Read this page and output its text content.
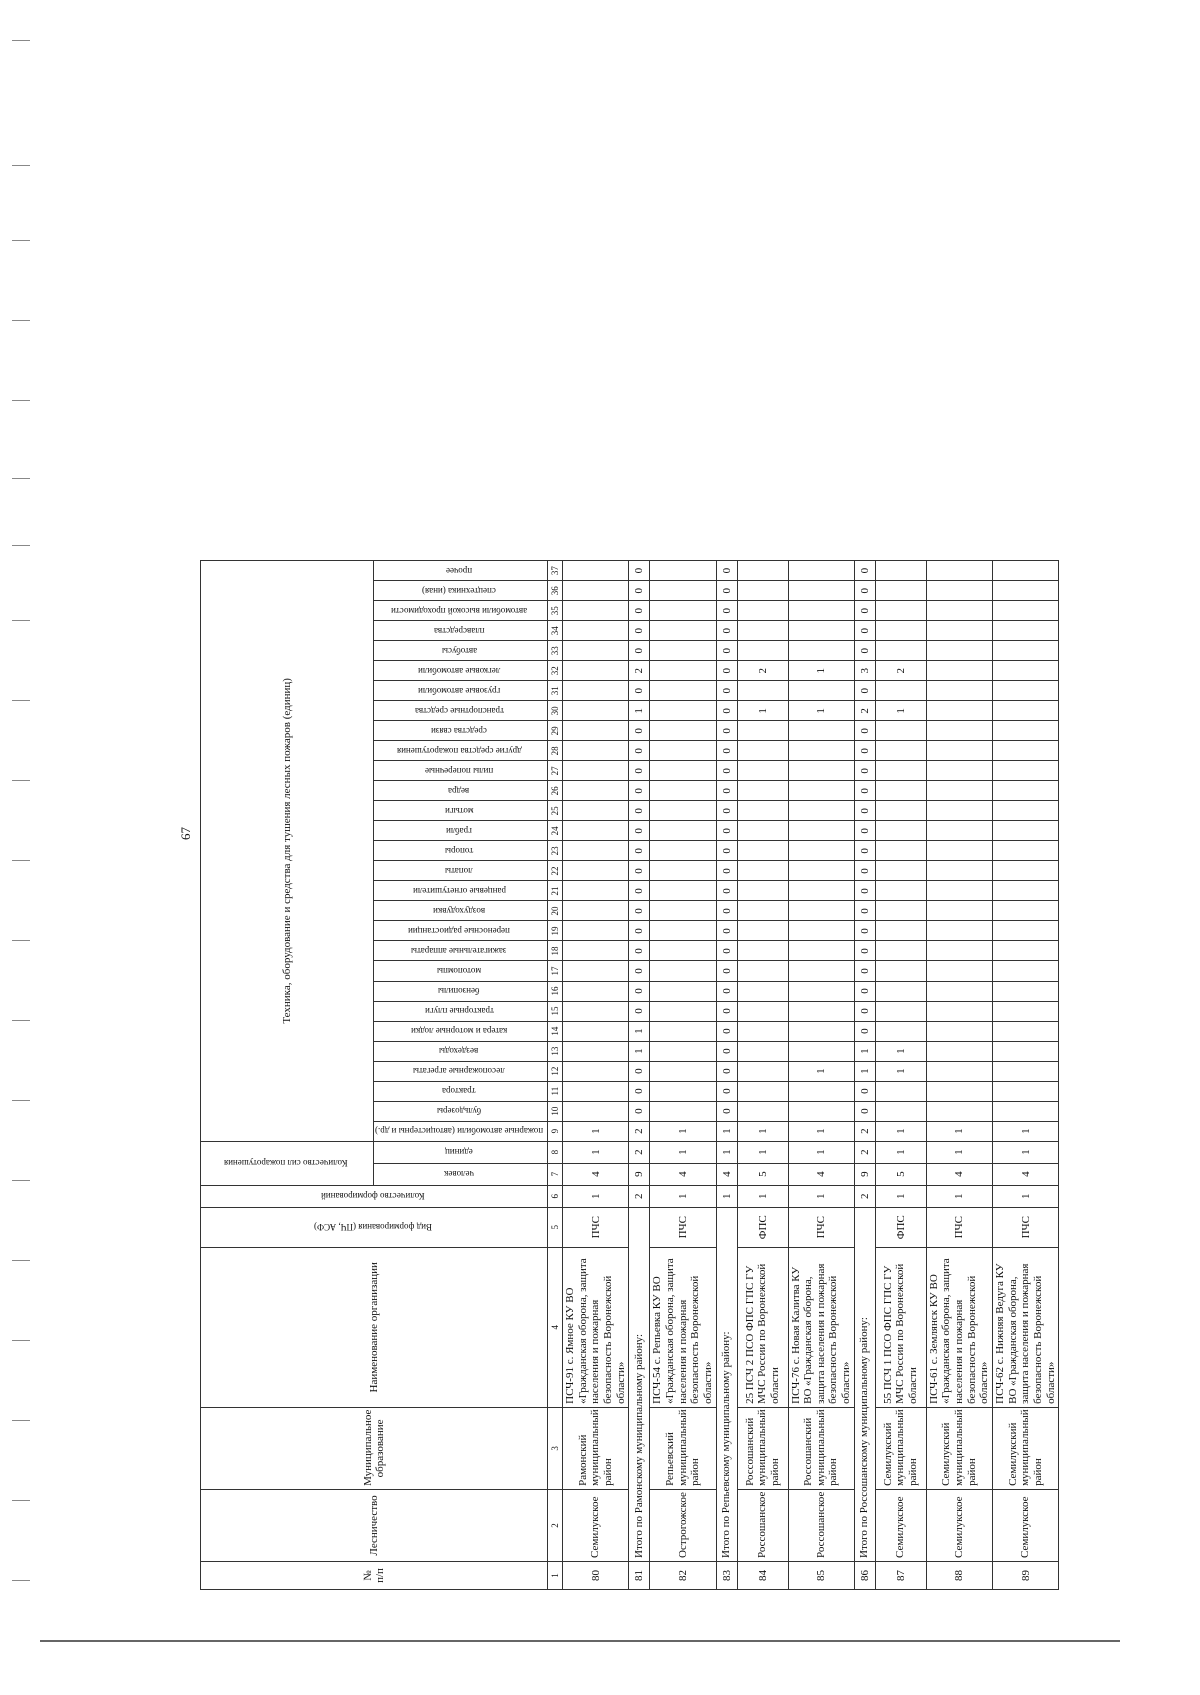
67
№ п/п	Лесничество	Муниципальное образование	Наименование организации	Вид формирования (ПЧ, АСФ)	Количество формирований	Количество сил пожаротушения		Техника, оборудование и средства для тушения лесных пожаров (единиц)																												
						человек	единиц																													
								пожарные автомобили (автоцистерны и др.)	бульдозеры	трактора	лесопожарные агрегаты	вездеходы	катера и моторные лодки	тракторные плуги	бензопилы	мотопомпы	зажигательные аппараты	переносные радиостанции	воздуходувки	ранцевые огнетушители	лопаты	топоры	грабли	мотыги	ведра	пилы поперечные	другие средства пожаротушения	средства связи	транспортные средства	грузовые автомобили	легковые автомобили	автобусы	плавсредства	автомобили высокой проходимости	спецтехника (иная)	прочее
1	2	3	4	5	6	7	8	9	10	11	12	13	14	15	16	17	18	19	20	21	22	23	24	25	26	27	28	29	30	31	32	33	34	35	36	37
80	Семилукское	Рамонский муниципальный район	ПСЧ-91 с. Ямное КУ ВО «Гражданская оборона, защита населения и пожарная безопасность Воронежской области»	ПЧС	1	4	1	1																												
81	Итого по Рамонскому муниципальному району:				2	9	2	2	0	0	0	1	1	0	0	0	0	0	0	0	0	0	0	0	0	0	0	0	1	0	2	0	0	0	0	0
82	Острогожское	Репьевский муниципальный район	ПСЧ-54 с. Репьевка КУ ВО «Гражданская оборона, защита населения и пожарная безопасность Воронежской области»	ПЧС	1	4	1	1																												
83	Итого по Репьевскому муниципальному району:				1	4	1	1	0	0	0	0	0	0	0	0	0	0	0	0	0	0	0	0	0	0	0	0	0	0	0	0	0	0	0	0
84	Россошанское	Россошанский муниципальный район	25 ПСЧ 2 ПСО ФПС ГПС ГУ МЧС России по Воронежской области	ФПС	1	5	1	1																					1		2					
85	Россошанское	Россошанский муниципальный район	ПСЧ-76 с. Новая Калитва КУ ВО «Гражданская оборона, защита населения и пожарная безопасность Воронежской области»	ПЧС	1	4	1	1			1																		1		1					
86	Итого по Россошанскому муниципальному району:				2	9	2	2	0	0	1	1	0	0	0	0	0	0	0	0	0	0	0	0	0	0	0	0	2	0	3	0	0	0	0	0
87	Семилукское	Семилукский муниципальный район	55 ПСЧ 1 ПСО ФПС ГПС ГУ МЧС России по Воронежской области	ФПС	1	5	1	1			1	1																	1		2					
88	Семилукское	Семилукский муниципальный район	ПСЧ-61 с. Землянск КУ ВО «Гражданская оборона, защита населения и пожарная безопасность Воронежской области»	ПЧС	1	4	1	1																												
89	Семилукское	Семилукский муниципальный район	ПСЧ-62 с. Нижняя Ведуга КУ ВО «Гражданская оборона, защита населения и пожарная безопасность Воронежской области»	ПЧС	1	4	1	1																												
